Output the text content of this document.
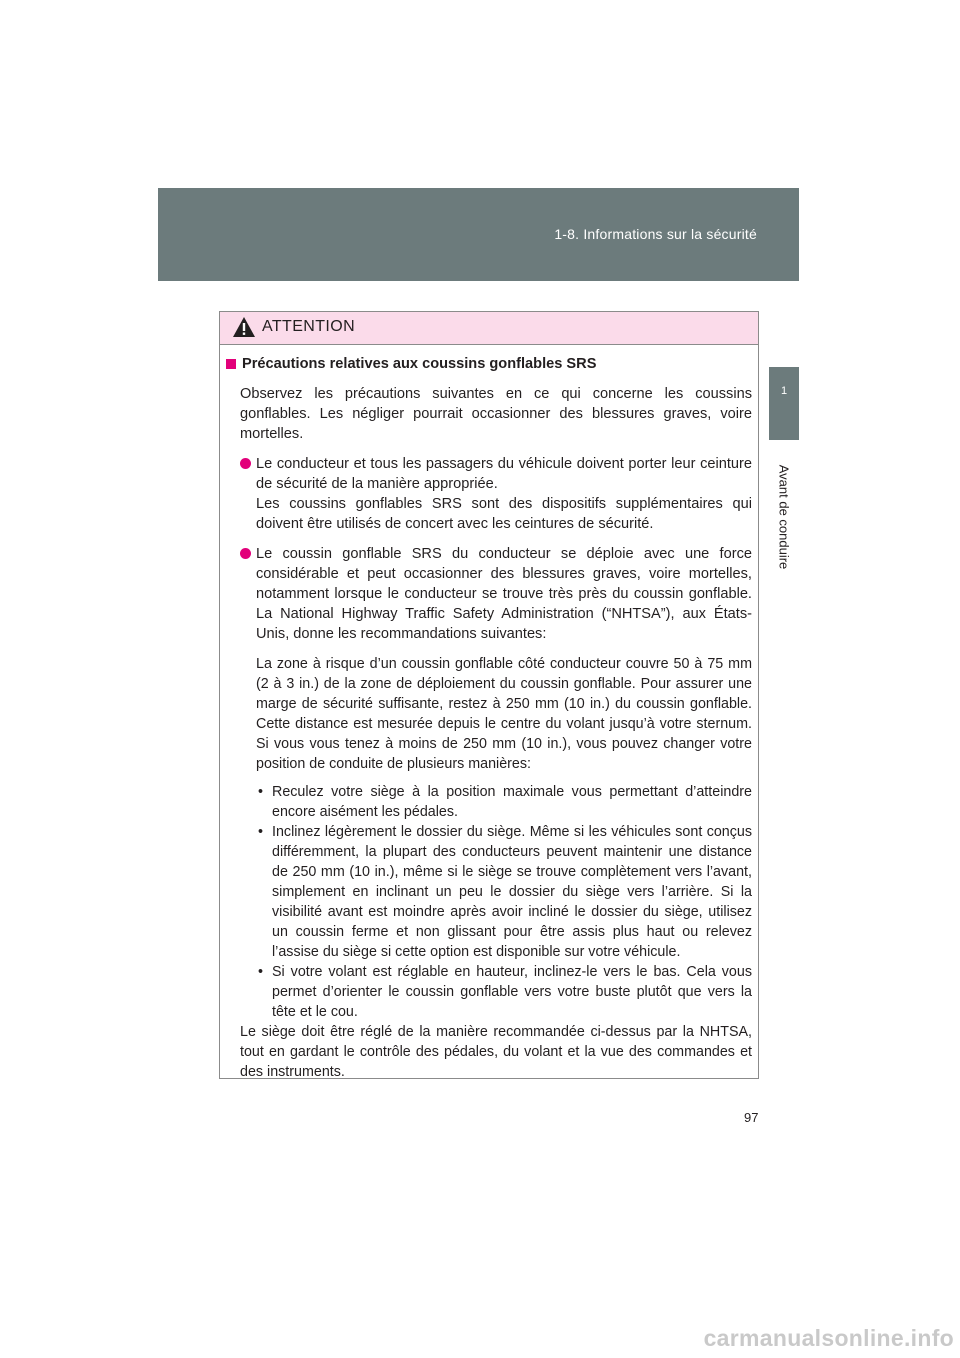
1-8. Informations sur la sécurité
1
Avant de conduire
ATTENTION
Précautions relatives aux coussins gonflables SRS

Observez les précautions suivantes en ce qui concerne les coussins gonflables. Les négliger pourrait occasionner des blessures graves, voire mortelles.

Le conducteur et tous les passagers du véhicule doivent porter leur ceinture de sécurité de la manière appropriée.

Les coussins gonflables SRS sont des dispositifs supplémentaires qui doivent être utilisés de concert avec les ceintures de sécurité.

Le coussin gonflable SRS du conducteur se déploie avec une force considérable et peut occasionner des blessures graves, voire mortelles, notamment lorsque le conducteur se trouve très près du coussin gonflable. La National Highway Traffic Safety Administration (“NHTSA”), aux États-Unis, donne les recommandations suivantes:

La zone à risque d’un coussin gonflable côté conducteur couvre 50 à 75 mm (2 à 3 in.) de la zone de déploiement du coussin gonflable. Pour assurer une marge de sécurité suffisante, restez à 250 mm (10 in.) du coussin gonflable. Cette distance est mesurée depuis le centre du volant jusqu’à votre sternum. Si vous vous tenez à moins de 250 mm (10 in.), vous pouvez changer votre position de conduite de plusieurs manières:

• Reculez votre siège à la position maximale vous permettant d’atteindre encore aisément les pédales.
• Inclinez légèrement le dossier du siège. Même si les véhicules sont conçus différemment, la plupart des conducteurs peuvent maintenir une distance de 250 mm (10 in.), même si le siège se trouve complètement vers l’avant, simplement en inclinant un peu le dossier du siège vers l’arrière. Si la visibilité avant est moindre après avoir incliné le dossier du siège, utilisez un coussin ferme et non glissant pour être assis plus haut ou relevez l’assise du siège si cette option est disponible sur votre véhicule.
• Si votre volant est réglable en hauteur, inclinez-le vers le bas. Cela vous permet d’orienter le coussin gonflable vers votre buste plutôt que vers la tête et le cou.

Le siège doit être réglé de la manière recommandée ci-dessus par la NHTSA, tout en gardant le contrôle des pédales, du volant et la vue des commandes et des instruments.

97
carmanualsonline.info
